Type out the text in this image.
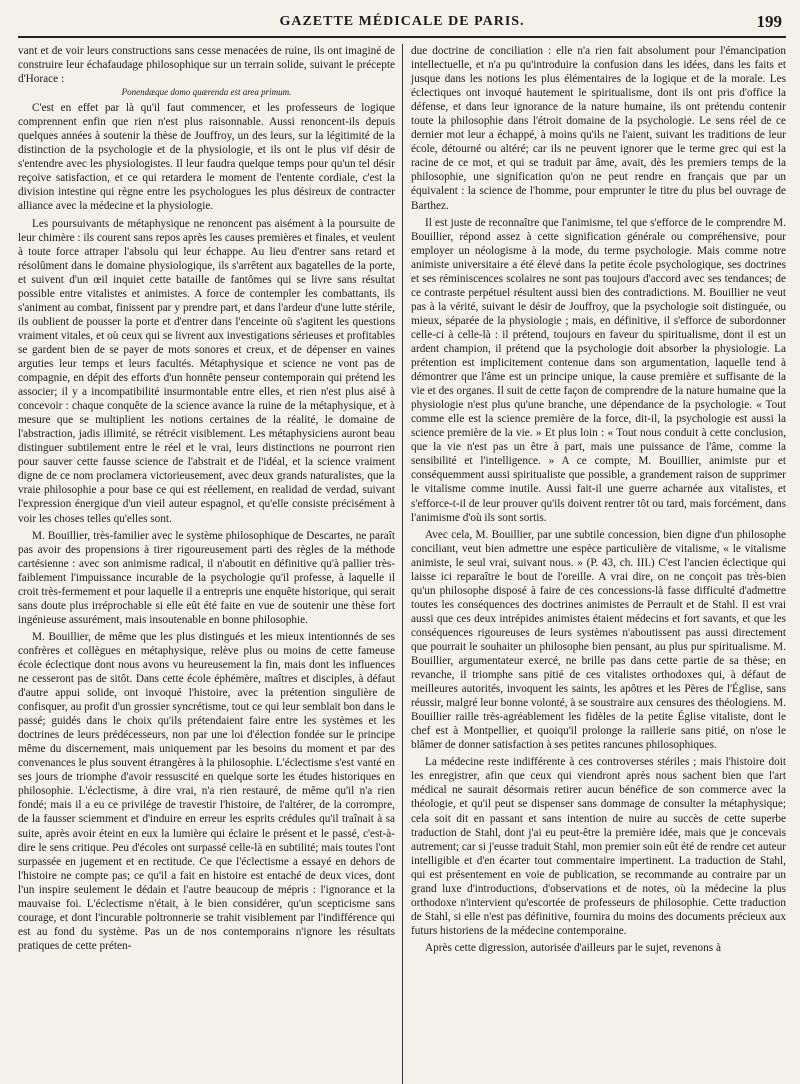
GAZETTE MÉDICALE DE PARIS.	199

vant et de voir leurs constructions sans cesse menacées de ruine, ils ont imaginé de construire leur échafaudage philosophique sur un terrain solide, suivant le précepte d'Horace :

Ponendæque domo quærenda est area primum.

C'est en effet par là qu'il faut commencer, et les professeurs de logique comprennent enfin que rien n'est plus raisonnable. Aussi renoncent-ils depuis quelques années à soutenir la thèse de Jouffroy, un des leurs, sur la légitimité de la distinction de la psychologie et de la physiologie, et ils ont le plus vif désir de s'entendre avec les physiologistes. Il leur faudra quelque temps pour qu'un tel désir reçoive satisfaction, et ce qui retardera le moment de l'entente cordiale, c'est la division intestine qui règne entre les psychologues les plus désireux de contracter alliance avec la médecine et la physiologie.

Les poursuivants de métaphysique ne renoncent pas aisément à la poursuite de leur chimère : ils courent sans repos après les causes premières et finales, et veulent à toute force attraper l'absolu qui leur échappe. Au lieu d'entrer sans retard et résolûment dans le domaine physiologique, ils s'arrêtent aux bagatelles de la porte, et suivent d'un œil inquiet cette bataille de fantômes qui se livre sans résultat possible entre vitalistes et animistes. A force de contempler les combattants, ils s'animent au combat, finissent par y prendre part, et dans l'ardeur d'une lutte stérile, ils oublient de pousser la porte et d'entrer dans l'enceinte où s'agitent les questions vraiment vitales, et où ceux qui se livrent aux investigations sérieuses et profitables se gardent bien de se payer de mots sonores et creux, et de dépenser en vaines arguties leur temps et leurs facultés. Métaphysique et science ne vont pas de compagnie, en dépit des efforts d'un honnête penseur contemporain qui prétend les associer; il y a incompatibilité insurmontable entre elles, et rien n'est plus aisé à concevoir : chaque conquête de la science avance la ruine de la métaphysique, et à mesure que se multiplient les notions certaines de la réalité, le domaine de l'abstraction, jadis illimité, se rétrécit visiblement. Les métaphysiciens auront beau distinguer subtilement entre le réel et le vrai, leurs distinctions ne pourront rien pour sauver cette fausse science de l'abstrait et de l'idéal, et la science vraiment digne de ce nom proclamera victorieusement, avec deux grands naturalistes, que la vraie philosophie a pour base ce qui est réellement, en realidad de verdad, suivant l'expression énergique d'un vieil auteur espagnol, et qu'elle consiste précisément à voir les choses telles qu'elles sont.

M. Bouillier, très-familier avec le système philosophique de Descartes, ne paraît pas avoir des propensions à tirer rigoureusement parti des règles de la méthode cartésienne : avec son animisme radical, il n'aboutit en définitive qu'à pallier très-faiblement l'impuissance incurable de la psychologie qu'il professe, à laquelle il croit très-fermement et pour laquelle il a entrepris une enquête historique, qui serait sans doute plus irréprochable si elle eût été faite en vue de soutenir une thèse fort ingénieuse assurément, mais insoutenable en bonne philosophie.

M. Bouillier, de même que les plus distingués et les mieux intentionnés de ses confrères et collègues en métaphysique, relève plus ou moins de cette fameuse école éclectique dont nous avons vu heureusement la fin, mais dont les influences ne cesseront pas de sitôt. Dans cette école éphémère, maîtres et disciples, à défaut d'autre appui solide, ont invoqué l'histoire, avec la prétention singulière de confisquer, au profit d'un grossier syncrétisme, tout ce qui leur semblait bon dans le passé; guidés dans le choix qu'ils prétendaient faire entre les systèmes et les doctrines de leurs prédécesseurs, non par une loi d'élection fondée sur le principe même du discernement, mais uniquement par les besoins du moment et par des convenances le plus souvent étrangères à la philosophie. L'éclectisme s'est vanté en ses jours de triomphe d'avoir ressuscité en quelque sorte les études historiques en philosophie. L'éclectisme, à dire vrai, n'a rien restauré, de même qu'il n'a rien fondé; mais il a eu ce privilége de travestir l'histoire, de l'altérer, de la corrompre, de la fausser sciemment et d'induire en erreur les esprits crédules qu'il traînait à sa suite, après avoir éteint en eux la lumière qui éclaire le présent et le passé, c'est-à-dire le sens critique. Peu d'écoles ont surpassé celle-là en subtilité; mais toutes l'ont surpassée en jugement et en rectitude. Ce que l'éclectisme a essayé en dehors de l'histoire ne compte pas; ce qu'il a fait en histoire est entaché de deux vices, dont l'un inspire seulement le dédain et l'autre beaucoup de mépris : l'ignorance et la mauvaise foi. L'éclectisme n'était, à le bien considérer, qu'un scepticisme sans courage, et dont l'incurable poltronnerie se trahit visiblement par l'indifférence qui est au fond du système. Pas un de nos contemporains n'ignore les résultats pratiques de cette préten-

due doctrine de conciliation : elle n'a rien fait absolument pour l'émancipation intellectuelle, et n'a pu qu'introduire la confusion dans les idées, dans les faits et jusque dans les notions les plus élémentaires de la logique et de la morale. Les éclectiques ont invoqué hautement le spiritualisme, dont ils ont pris d'office la défense, et dans leur ignorance de la nature humaine, ils ont prétendu contenir toute la philosophie dans l'étroit domaine de la psychologie. Le sens réel de ce dernier mot leur a échappé, à moins qu'ils ne l'aient, suivant les traditions de leur école, détourné ou altéré; car ils ne peuvent ignorer que le terme grec qui est la racine de ce mot, et qui se traduit par âme, avait, dès les premiers temps de la philosophie, une signification qu'on ne peut rendre en français que par un équivalent : la science de l'homme, pour emprunter le titre du plus bel ouvrage de Barthez.

Il est juste de reconnaître que l'animisme, tel que s'efforce de le comprendre M. Bouillier, répond assez à cette signification générale ou compréhensive, pour employer un néologisme à la mode, du terme psychologie. Mais comme notre animiste universitaire a été élevé dans la petite école psychologique, ses doctrines et ses réminiscences scolaires ne sont pas toujours d'accord avec ses tendances; de ce contraste perpétuel résultent aussi bien des contradictions. M. Bouillier ne veut pas à la vérité, suivant le désir de Jouffroy, que la psychologie soit distinguée, ou mieux, séparée de la physiologie ; mais, en définitive, il s'efforce de subordonner celle-ci à celle-là : il prétend, toujours en faveur du spiritualisme, dont il est un ardent champion, il prétend que la psychologie doit absorber la physiologie. La prétention est implicitement contenue dans son argumentation, laquelle tend à démontrer que l'âme est un principe unique, la cause première et suffisante de la vie et des organes. Il suit de cette façon de comprendre de la nature humaine que la physiologie n'est plus qu'une branche, une dépendance de la psychologie. « Tout comme elle est la science première de la force, dit-il, la psychologie est aussi la science première de la vie. » Et plus loin : « Tout nous conduit à cette conclusion, que la vie n'est pas un être à part, mais une puissance de l'âme, comme la sensibilité et l'intelligence. » A ce compte, M. Bouillier, animiste pur et conséquemment aussi spiritualiste que possible, a grandement raison de supprimer le vitalisme comme inutile. Aussi fait-il une guerre acharnée aux vitalistes, et s'efforce-t-il de leur prouver qu'ils doivent rentrer tôt ou tard, mais forcément, dans l'animisme d'où ils sont sortis.

Avec cela, M. Bouillier, par une subtile concession, bien digne d'un philosophe conciliant, veut bien admettre une espèce particulière de vitalisme, « le vitalisme animiste, le seul vrai, suivant nous. » (P. 43, ch. III.) C'est l'ancien éclectique qui laisse ici reparaître le bout de l'oreille. A vrai dire, on ne conçoit pas très-bien qu'un philosophe disposé à faire de ces concessions-là fasse difficulté d'admettre toutes les conséquences des doctrines animistes de Perrault et de Stahl. Il est vrai aussi que ces deux intrépides animistes étaient médecins et fort savants, et que les conséquences rigoureuses de leurs systèmes n'aboutissent pas aussi directement que pourrait le souhaiter un philosophe bien pensant, au plus pur spiritualisme. M. Bouillier, argumentateur exercé, ne brille pas dans cette partie de sa thèse; en revanche, il triomphe sans pitié de ces vitalistes orthodoxes qui, à défaut de meilleures autorités, invoquent les saints, les apôtres et les Pères de l'Église, sans réussir, malgré leur bonne volonté, à se soustraire aux censures des théologiens. M. Bouillier raille très-agréablement les fidèles de la petite Église vitaliste, dont le chef est à Montpellier, et quoiqu'il prolonge la raillerie sans pitié, on n'ose le blâmer de donner satisfaction à ses petites rancunes philosophiques.

La médecine reste indifférente à ces controverses stériles ; mais l'histoire doit les enregistrer, afin que ceux qui viendront après nous sachent bien que l'art médical ne saurait désormais retirer aucun bénéfice de son commerce avec la théologie, et qu'il peut se dispenser sans dommage de consulter la métaphysique; cela soit dit en passant et sans intention de nuire au succès de cette superbe traduction de Stahl, dont j'ai eu peut-être la première idée, mais que je concevais autrement; car si j'eusse traduit Stahl, mon premier soin eût été de rendre cet auteur intelligible et d'en écarter tout commentaire impertinent. La traduction de Stahl, qui est présentement en voie de publication, se recommande au contraire par un grand luxe d'introductions, d'observations et de notes, où la médecine la plus orthodoxe n'intervient qu'escortée de professeurs de philosophie. Cette traduction de Stahl, si elle n'est pas définitive, fournira du moins des documents précieux aux futurs historiens de la médecine contemporaine.

Après cette digression, autorisée d'ailleurs par le sujet, revenons à
